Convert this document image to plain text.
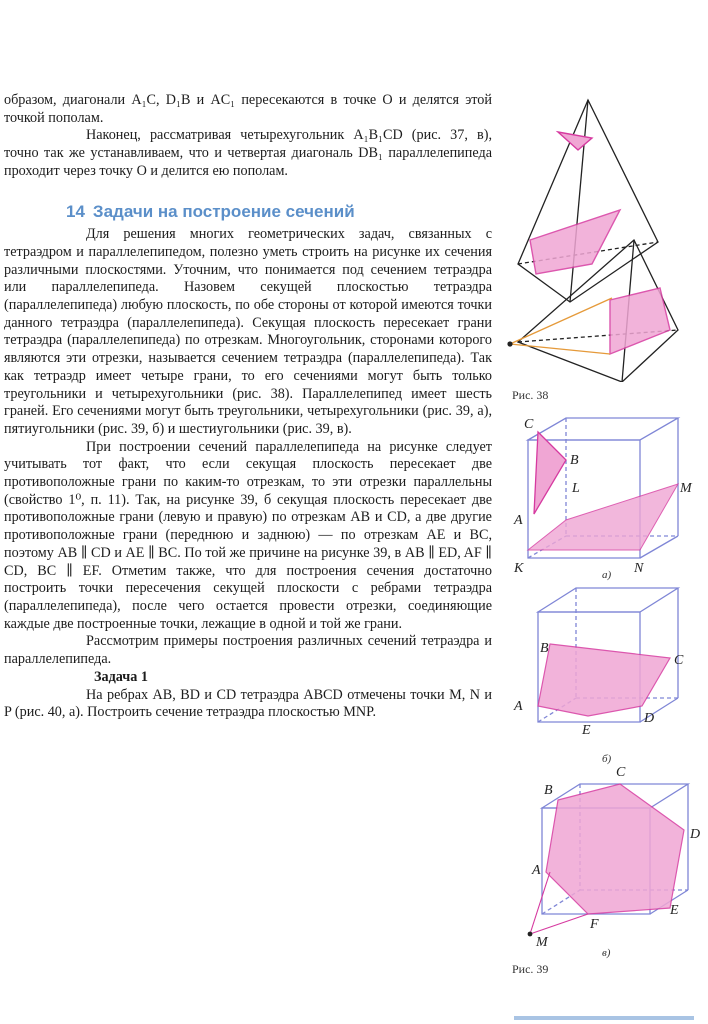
образом, диагонали A₁C, D₁B и AC₁ пересекаются в точке O и делятся этой точкой пополам.

Наконец, рассматривая четырехугольник A₁B₁CD (рис. 37, в), точно так же устанавливаем, что и четвертая диагональ DB₁ параллелепипеда проходит через точку O и делится ею пополам.

14 Задачи на построение сечений

Для решения многих геометрических задач, связанных с тетраэдром и параллелепипедом, полезно уметь строить на рисунке их сечения различными плоскостями. Уточним, что понимается под сечением тетраэдра или параллелепипеда. Назовем секущей плоскостью тетраэдра (параллелепипеда) любую плоскость, по обе стороны от которой имеются точки данного тетраэдра (параллелепипеда). Секущая плоскость пересекает грани тетраэдра (параллелепипеда) по отрезкам. Многоугольник, сторонами которого являются эти отрезки, называется сечением тетраэдра (параллелепипеда). Так как тетраэдр имеет четыре грани, то его сечениями могут быть только треугольники и четырехугольники (рис. 38). Параллелепипед имеет шесть граней. Его сечениями могут быть треугольники, четырехугольники (рис. 39, а), пятиугольники (рис. 39, б) и шестиугольники (рис. 39, в).

При построении сечений параллелепипеда на рисунке следует учитывать тот факт, что если секущая плоскость пересекает две противоположные грани по каким-то отрезкам, то эти отрезки параллельны (свойство 1⁰, п. 11). Так, на рисунке 39, б секущая плоскость пересекает две противоположные грани (левую и правую) по отрезкам AB и CD, а две другие противоположные грани (переднюю и заднюю) — по отрезкам AE и BC, поэтому AB ∥ CD и AE ∥ BC. По той же причине на рисунке 39, в AB ∥ ED, AF ∥ CD, BC ∥ EF. Отметим также, что для построения сечения достаточно построить точки пересечения секущей плоскости с ребрами тетраэдра (параллелепипеда), после чего остается провести отрезки, соединяющие каждые две построенные точки, лежащие в одной и той же грани.

Рассмотрим примеры построения различных сечений тетраэдра и параллелепипеда.

Задача 1

На ребрах AB, BD и CD тетраэдра ABCD отмечены точки M, N и P (рис. 40, а). Построить сечение тетраэдра плоскостью MNP.

Рис. 38
C
B
L	M
A
K	N
а)
B
C
A
D
E
б)
C
B
D
A
E
F
M
в)
Рис. 39
